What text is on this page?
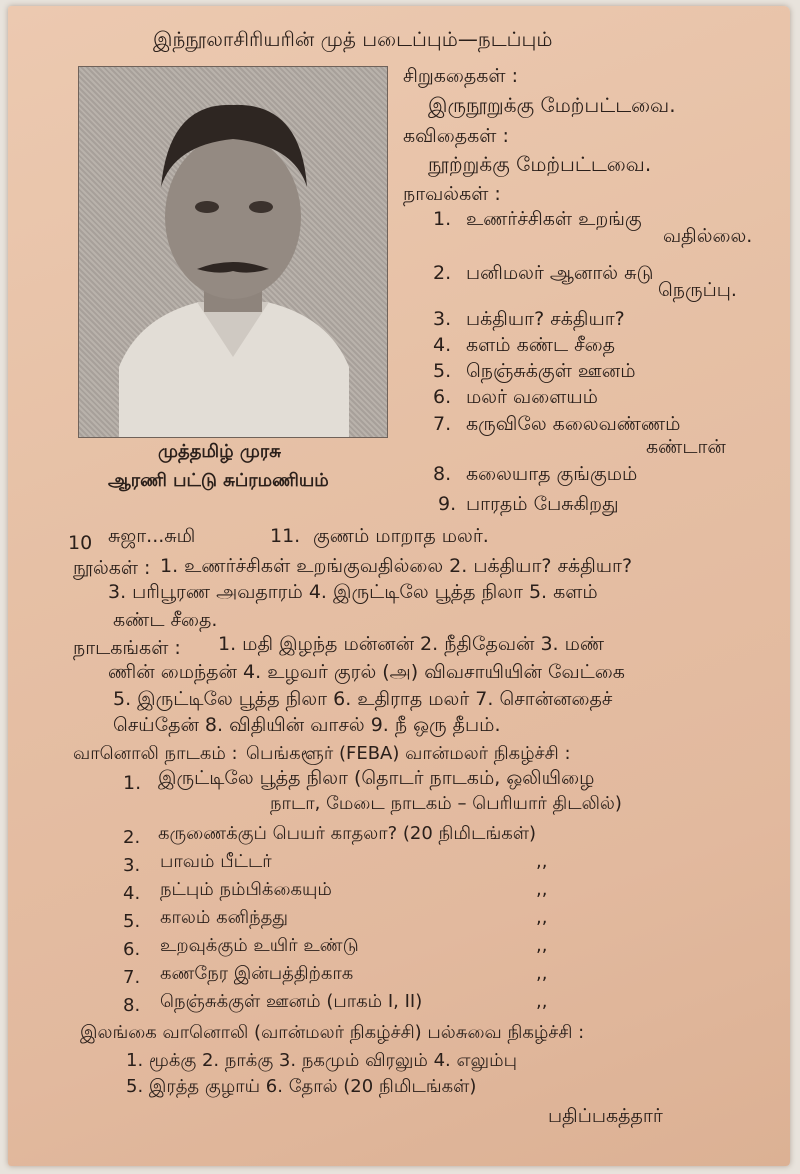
இந்நூலாசிரியரின் முத் படைப்பும்—நடப்பும்
முத்தமிழ் முரசு
ஆரணி பட்டு சுப்ரமணியம்
சிறுகதைகள் :
இருநூறுக்கு மேற்பட்டவை.
கவிதைகள் :
நூற்றுக்கு மேற்பட்டவை.
நாவல்கள் :
1. உணர்ச்சிகள் உறங்கு
வதில்லை.
2. பனிமலர் ஆனால் சுடு
நெருப்பு.
3. பக்தியா? சக்தியா?
4. களம் கண்ட சீதை
5. நெஞ்சுக்குள் ஊனம்
6. மலர் வளையம்
7. கருவிலே கலைவண்ணம்
கண்டான்
8. கலையாத குங்குமம்
9. பாரதம் பேசுகிறது
10 சுஜா...சுமி	11. குணம் மாறாத மலர்.
நூல்கள் : 1. உணர்ச்சிகள் உறங்குவதில்லை 2. பக்தியா? சக்தியா?
3. பரிபூரண அவதாரம் 4. இருட்டிலே பூத்த நிலா 5. களம்
கண்ட சீதை.
நாடகங்கள் : 1. மதி இழந்த மன்னன் 2. நீதிதேவன் 3. மண்
ணின் மைந்தன் 4. உழவர் குரல் (அ) விவசாயியின் வேட்கை
5. இருட்டிலே பூத்த நிலா 6. உதிராத மலர் 7. சொன்னதைச்
செய்தேன் 8. விதியின் வாசல் 9. நீ ஒரு தீபம்.
வானொலி நாடகம் : பெங்களூர் (FEBA) வான்மலர் நிகழ்ச்சி :
1. இருட்டிலே பூத்த நிலா (தொடர் நாடகம், ஒலியிழை
நாடா, மேடை நாடகம் – பெரியார் திடலில்)
2. கருணைக்குப் பெயர் காதலா? (20 நிமிடங்கள்)
3. பாவம் பீட்டர்	,,
4. நட்பும் நம்பிக்கையும்	,,
5. காலம் கனிந்தது	,,
6. உறவுக்கும் உயிர் உண்டு	,,
7. கணநேர இன்பத்திற்காக	,,
8. நெஞ்சுக்குள் ஊனம் (பாகம் I, II)	,,
இலங்கை வானொலி (வான்மலர் நிகழ்ச்சி) பல்சுவை நிகழ்ச்சி :
1. மூக்கு 2. நாக்கு 3. நகமும் விரலும் 4. எலும்பு
5. இரத்த குழாய் 6. தோல் (20 நிமிடங்கள்)
பதிப்பகத்தார்
